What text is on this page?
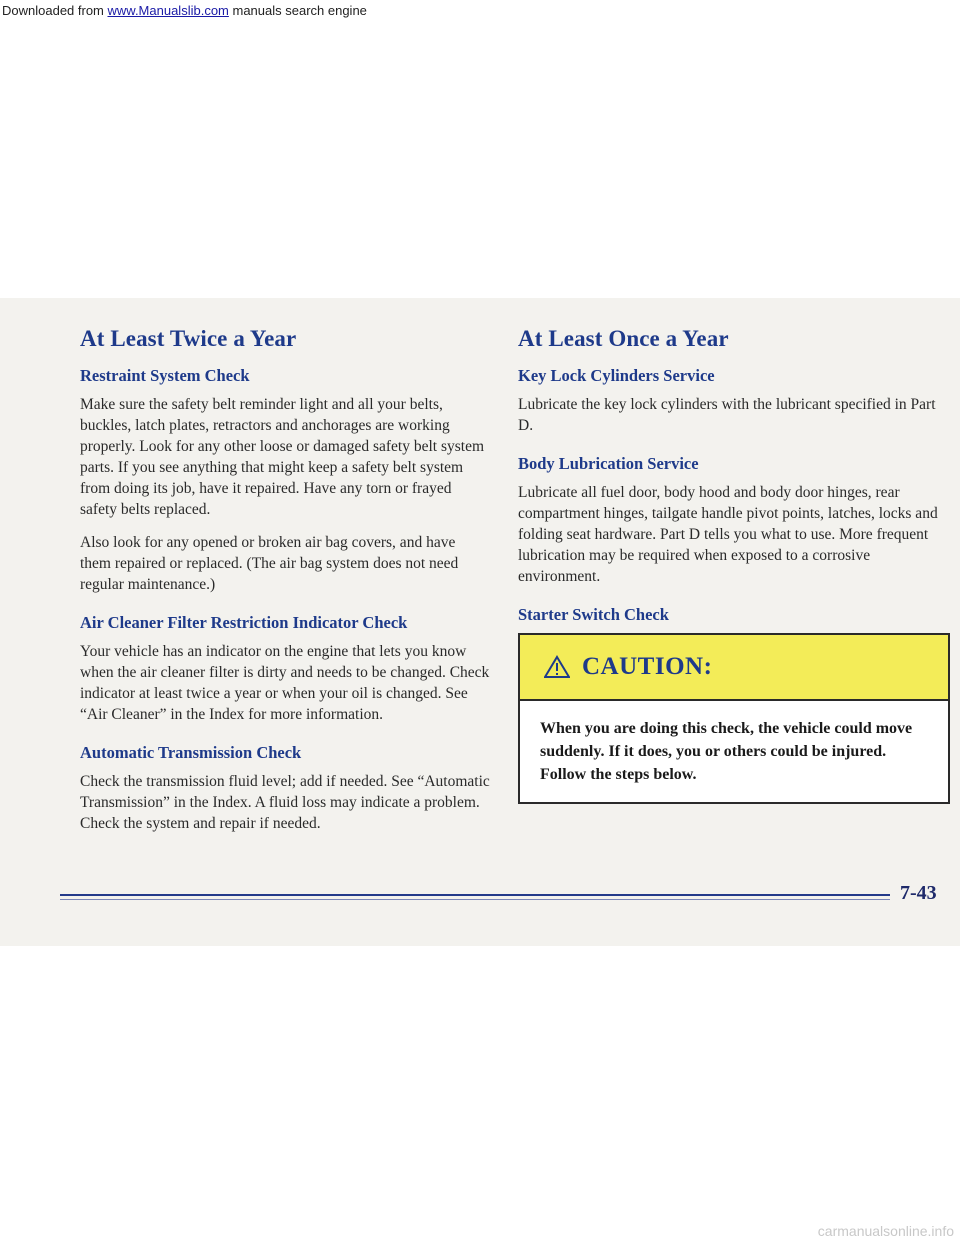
Downloaded from www.Manualslib.com manuals search engine
At Least Twice a Year
Restraint System Check

Make sure the safety belt reminder light and all your belts, buckles, latch plates, retractors and anchorages are working properly. Look for any other loose or damaged safety belt system parts. If you see anything that might keep a safety belt system from doing its job, have it repaired. Have any torn or frayed safety belts replaced.

Also look for any opened or broken air bag covers, and have them repaired or replaced. (The air bag system does not need regular maintenance.)

Air Cleaner Filter Restriction Indicator Check

Your vehicle has an indicator on the engine that lets you know when the air cleaner filter is dirty and needs to be changed. Check indicator at least twice a year or when your oil is changed. See “Air Cleaner” in the Index for more information.

Automatic Transmission Check

Check the transmission fluid level; add if needed. See “Automatic Transmission” in the Index. A fluid loss may indicate a problem. Check the system and repair if needed.

At Least Once a Year
Key Lock Cylinders Service

Lubricate the key lock cylinders with the lubricant specified in Part D.

Body Lubrication Service

Lubricate all fuel door, body hood and body door hinges, rear compartment hinges, tailgate handle pivot points, latches, locks and folding seat hardware. Part D tells you what to use. More frequent lubrication may be required when exposed to a corrosive environment.

Starter Switch Check
CAUTION:
When you are doing this check, the vehicle could move suddenly. If it does, you or others could be injured. Follow the steps below.
7-43
carmanualsonline.info
